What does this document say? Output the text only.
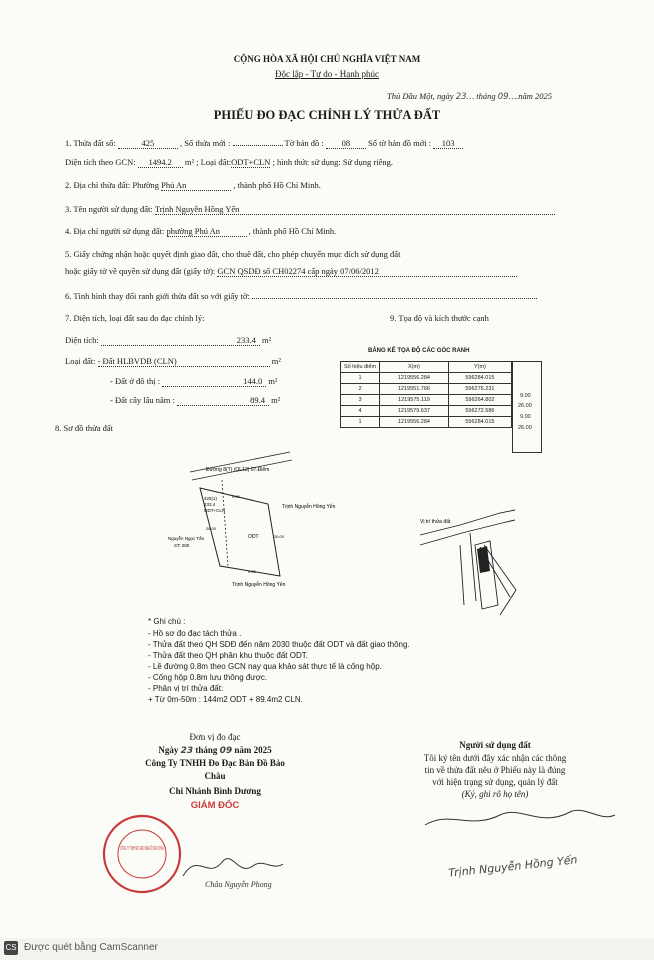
CỘNG HÒA XÃ HỘI CHỦ NGHĨA VIỆT NAM
Độc lập - Tự do - Hạnh phúc
Thủ Dầu Một, ngày 23… tháng 09….năm 2025
PHIẾU ĐO ĐẠC CHỈNH LÝ THỬA ĐẤT
1. Thửa đất số:	425	, Số thửa mới :	Tờ bản đồ : 08 Số tờ bản đồ mới : 103
Diện tích theo GCN: 1494.2 m² ; Loại đất:ODT+CLN ; hình thức sử dụng: Sử dụng riêng.
2. Địa chỉ thửa đất: Phường Phú An	, thành phố Hồ Chí Minh.
3. Tên người sử dụng đất: Trịnh Nguyễn Hồng Yến
4. Địa chỉ người sử dụng đất: phường Phú An	, thành phố Hồ Chí Minh.
5. Giấy chứng nhận hoặc quyết định giao đất, cho thuê đất, cho phép chuyển mục đích sử dụng đất
hoặc giấy tờ về quyền sử dụng đất (giấy tờ): GCN QSDĐ số CH02274 cấp ngày 07/06/2012
6. Tình hình thay đổi ranh giới thửa đất so với giấy tờ:
7. Diện tích, loại đất sau đo đạc chỉnh lý:	9. Tọa độ và kích thước cạnh
Diện tích:	233.4 m²
Loại đất: - Đất HLBVDB (CLN)	m²
- Đất ở đô thị :	144.0 m²
- Đất cây lâu năm :	89.4 m²
8. Sơ đồ thửa đất
BẢNG KÊ TỌA ĐỘ CÁC GÓC RANH
Số hiệu điểm	X(m)	Y(m)
1	1219556.284	596284.015
2	1219551.766	596276.231
3	1219575.119	596264.802
4	1219579.637	596272.586
1	1219556.284	596284.015
9.00
26.00
9.00
26.00
Đường 8(T) (QL13) 07.Điểm
425(1)
233.4
ODT+CLN
ODT
Trịnh Nguyễn Hồng Yến
Nguyễn Ngọc Tấn
ST: 280
Trịnh Nguyễn Hồng Yến
9.00
26.00
9.00
26.00
Vị trí thửa đất
* Ghi chú :
- Hồ sơ đo đạc tách thửa .
- Thửa đất theo QH SDĐ đến năm 2030 thuộc đất ODT và đất giao thông.
- Thửa đất theo QH phân khu thuộc đất ODT.
- Lề đường 0.8m theo GCN nay qua khảo sát thực tế là cống hộp.
- Cống hộp 0.8m lưu thông được.
- Phân vị trí thửa đất:
+ Từ 0m-50m : 144m2 ODT + 89.4m2 CLN.
Đơn vị đo đạc
Ngày 23 tháng 09 năm 2025
Công Ty TNHH Đo Đạc Bản Đồ Bảo
Châu
Chi Nhánh Bình Dương
GIÁM ĐỐC
CÔNG TY TNHH ĐO ĐẠC BẢN ĐỒ BẢO CHÂU
Châu Nguyễn Phong
Người sử dụng đất
Tôi ký tên dưới đây xác nhận các thông
tin về thửa đất nêu ở Phiếu này là đúng
với hiện trạng sử dụng, quản lý đất
(Ký, ghi rõ họ tên)
Trịnh Nguyễn Hồng Yến
CS Được quét bằng CamScanner
